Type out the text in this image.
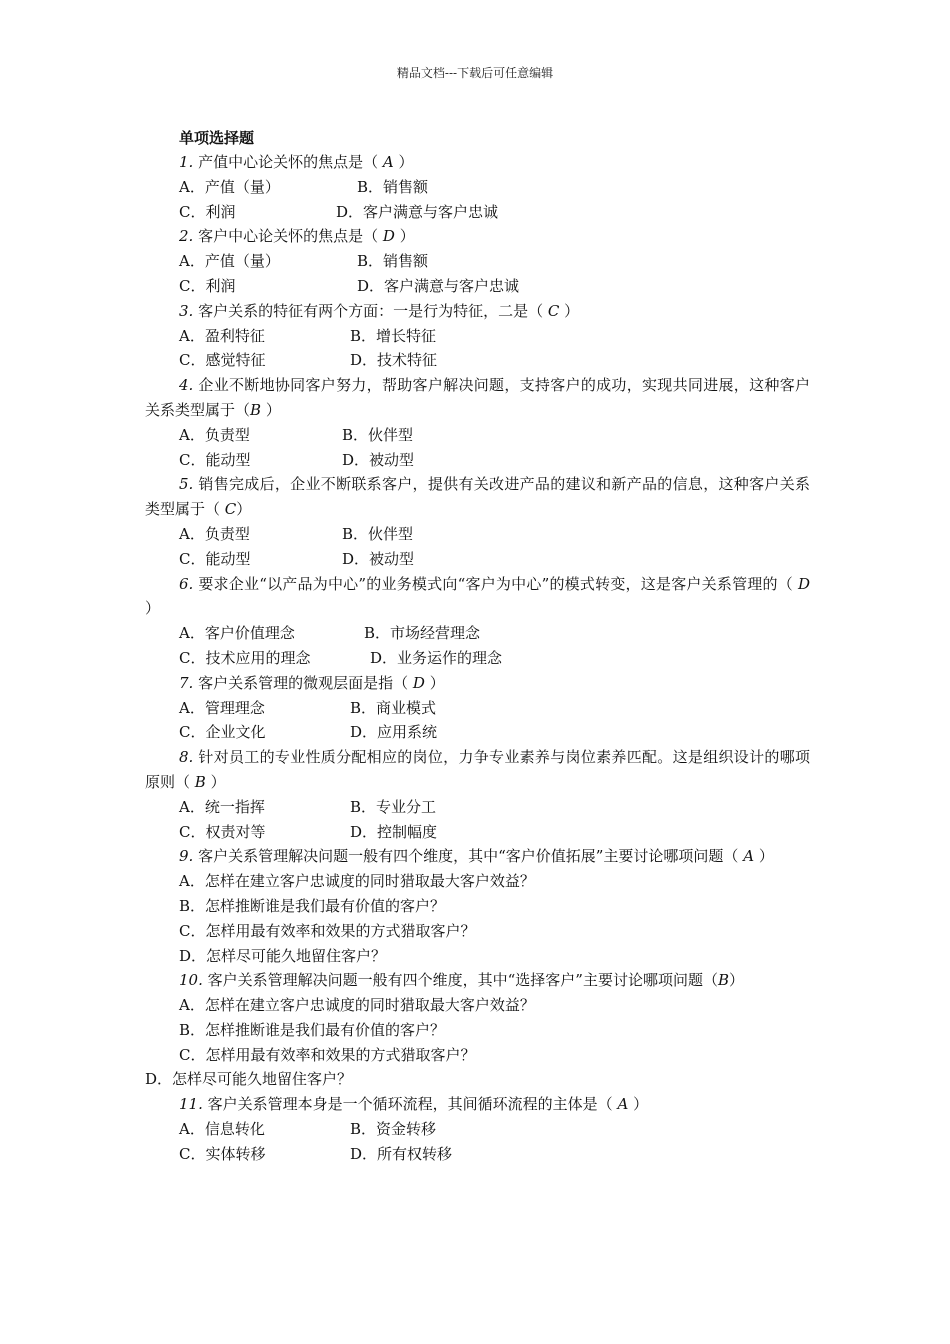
精品文档---下载后可任意编辑
单项选择题
1. 产值中心论关怀的焦点是（ A ）
A．产值（量）	B．销售额
C．利润	D．客户满意与客户忠诚
2. 客户中心论关怀的焦点是（ D ）
A．产值（量）	B．销售额
C．利润	D．客户满意与客户忠诚
3. 客户关系的特征有两个方面：一是行为特征，二是（ C ）
A．盈利特征	B．增长特征
C．感觉特征	D．技术特征
4. 企业不断地协同客户努力，帮助客户解决问题，支持客户的成功，实现共同进展，这种客户关系类型属于（B ）
A．负责型	B．伙伴型
C．能动型	D．被动型
5. 销售完成后，企业不断联系客户，提供有关改进产品的建议和新产品的信息，这种客户关系类型属于（ C）
A．负责型	B．伙伴型
C．能动型	D．被动型
6. 要求企业“以产品为中心”的业务模式向“客户为中心”的模式转变，这是客户关系管理的（ D ）
A．客户价值理念	B．市场经营理念
C．技术应用的理念	D．业务运作的理念
7. 客户关系管理的微观层面是指（ D ）
A．管理理念	B．商业模式
C．企业文化	D．应用系统
8. 针对员工的专业性质分配相应的岗位，力争专业素养与岗位素养匹配。这是组织设计的哪项原则（ B ）
A．统一指挥	B．专业分工
C．权责对等	D．控制幅度
9. 客户关系管理解决问题一般有四个维度，其中“客户价值拓展”主要讨论哪项问题（ A ）
A．怎样在建立客户忠诚度的同时猎取最大客户效益？
B．怎样推断谁是我们最有价值的客户？
C．怎样用最有效率和效果的方式猎取客户？
D．怎样尽可能久地留住客户？
10. 客户关系管理解决问题一般有四个维度，其中“选择客户”主要讨论哪项问题（B）
A．怎样在建立客户忠诚度的同时猎取最大客户效益？
B．怎样推断谁是我们最有价值的客户？
C．怎样用最有效率和效果的方式猎取客户？
D．怎样尽可能久地留住客户？
11. 客户关系管理本身是一个循环流程，其间循环流程的主体是（ A ）
A．信息转化	B．资金转移
C．实体转移	D．所有权转移
